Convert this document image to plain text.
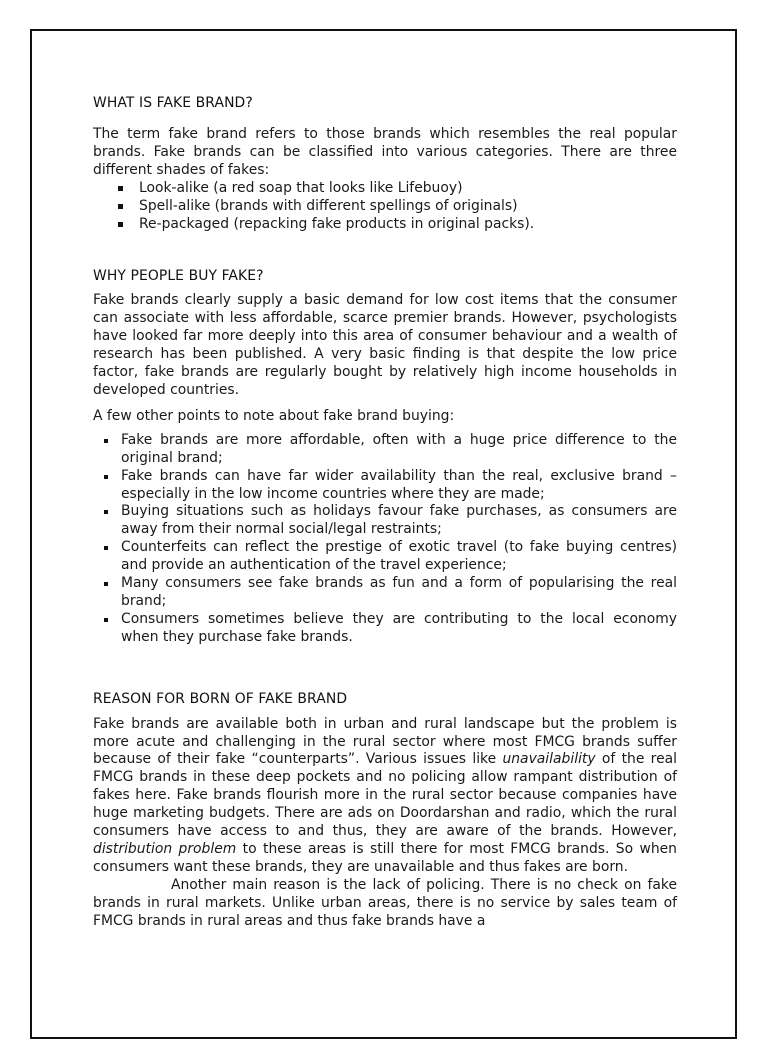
WHAT IS FAKE BRAND?

The term fake brand refers to those brands which resembles the real popular brands. Fake brands can be classified into various categories. There are three different shades of fakes:

Look-alike (a red soap that looks like Lifebuoy)
Spell-alike (brands with different spellings of originals)
Re-packaged (repacking fake products in original packs).
WHY PEOPLE BUY FAKE?

Fake brands clearly supply a basic demand for low cost items that the consumer can associate with less affordable, scarce premier brands. However, psychologists have looked far more deeply into this area of consumer behaviour and a wealth of research has been published. A very basic finding is that despite the low price factor, fake brands are regularly bought by relatively high income households in developed countries.

A few other points to note about fake brand buying:

Fake brands are more affordable, often with a huge price difference to the original brand;
Fake brands can have far wider availability than the real, exclusive brand – especially in the low income countries where they are made;
Buying situations such as holidays favour fake purchases, as consumers are away from their normal social/legal restraints;
Counterfeits can reflect the prestige of exotic travel (to fake buying centres) and provide an authentication of the travel experience;
Many consumers see fake brands as fun and a form of popularising the real brand;
Consumers sometimes believe they are contributing to the local economy when they purchase fake brands.
REASON FOR BORN OF FAKE BRAND

Fake brands are available both in urban and rural landscape but the problem is more acute and challenging in the rural sector where most FMCG brands suffer because of their fake “counterparts”. Various issues like unavailability of the real FMCG brands in these deep pockets and no policing allow rampant distribution of fakes here. Fake brands flourish more in the rural sector because companies have huge marketing budgets. There are ads on Doordarshan and radio, which the rural consumers have access to and thus, they are aware of the brands. However, distribution problem to these areas is still there for most FMCG brands. So when consumers want these brands, they are unavailable and thus fakes are born.

Another main reason is the lack of policing. There is no check on fake brands in rural markets. Unlike urban areas, there is no service by sales team of FMCG brands in rural areas and thus fake brands have a
